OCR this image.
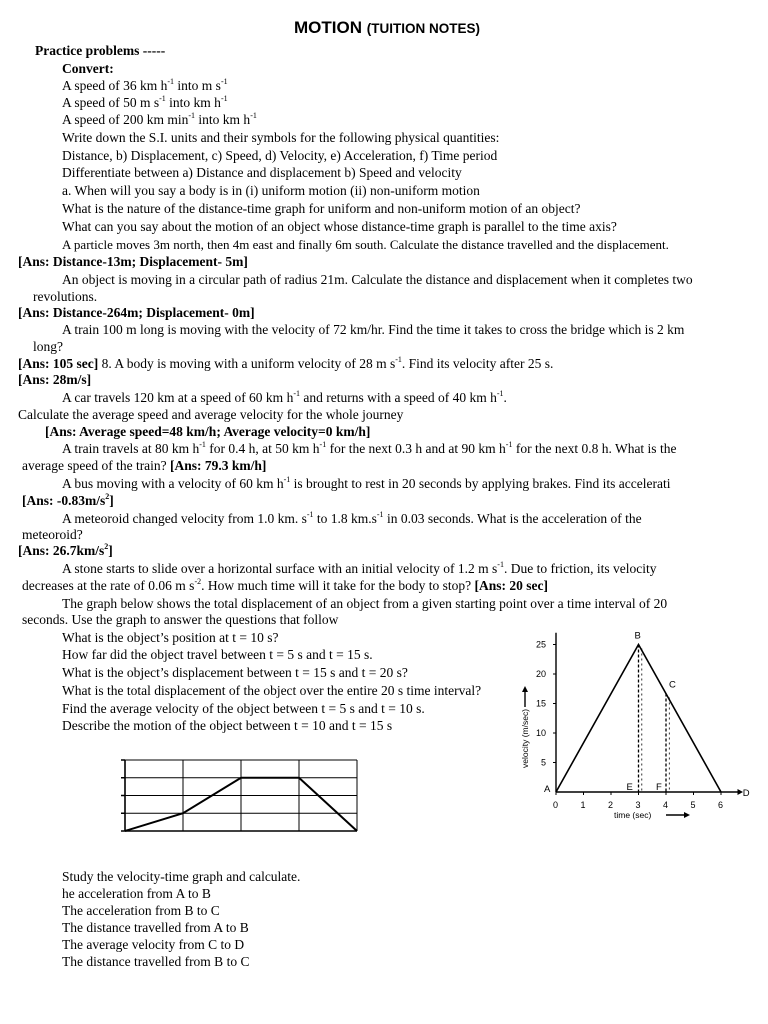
MOTION (TUITION NOTES)
Practice problems -----
Convert:
A speed of 36 km $h^{-1}$ into m $s^{-1}$
A speed of 50 m $s^{-1}$ into km $h^{-1}$
A speed of 200 km $\min^{-1}$ into km $h^{-1}$
Write down the S.I. units and their symbols for the following physical quantities:
Distance, b) Displacement, c) Speed, d) Velocity, e) Acceleration, f) Time period
Differentiate between a) Distance and displacement b) Speed and velocity
a. When will you say a body is in (i) uniform motion (ii) non-uniform motion
What is the nature of the distance-time graph for uniform and non-uniform motion of an object?
What can you say about the motion of an object whose distance-time graph is parallel to the time axis?
A particle moves 3m north, then 4m east and finally 6m south. Calculate the distance travelled and the displacement.
[Ans: Distance-13m; Displacement- 5m]
An object is moving in a circular path of radius 21m. Calculate the distance and displacement when it completes two
revolutions.
[Ans: Distance-264m; Displacement- 0m]
A train 100 m long is moving with the velocity of 72 km/hr. Find the time it takes to cross the bridge which is 2 km
long?
[Ans: 105 sec] 8. A body is moving with a uniform velocity of 28 m $s^{-1}$. Find its velocity after 25 s.
[Ans: 28m/s]
A car travels 120 km at a speed of 60 km $h^{-1}$ and returns with a speed of 40 km $h^{-1}$.
Calculate the average speed and average velocity for the whole journey
[Ans: Average speed=48 km/h; Average velocity=0 km/h]
A train travels at 80 km $h^{-1}$ for 0.4 h, at 50 km $h^{-1}$ for the next 0.3 h and at 90 km $h^{-1}$ for the next 0.8 h. What is the
average speed of the train? [Ans: 79.3 km/h]
A bus moving with a velocity of 60 km $h^{-1}$ is brought to rest in 20 seconds by applying brakes. Find its accelerati
[Ans: $-0.83m/s^2$]
A meteoroid changed velocity from 1.0 km. $s^{-1}$ to 1.8 $km.s^{-1}$ in 0.03 seconds. What is the acceleration of the
meteoroid?
[Ans: $26.7km/s^2$]
A stone starts to slide over a horizontal surface with an initial velocity of 1.2 m $s^{-1}$. Due to friction, its velocity
decreases at the rate of 0.06 m $s^{-2}$. How much time will it take for the body to stop? [Ans: 20 sec]
The graph below shows the total displacement of an object from a given starting point over a time interval of 20
seconds. Use the graph to answer the questions that follow
What is the object’s position at t = 10 s?
How far did the object travel between t = 5 s and t = 15 s.
What is the object’s displacement between t = 15 s and t = 20 s?
What is the total displacement of the object over the entire 20 s time interval?
Find the average velocity of the object between t = 5 s and t = 10 s.
Describe the motion of the object between t = 10 and t = 15 s
Study the velocity-time graph and calculate.
he acceleration from A to B
The acceleration from B to C
The distance travelled from A to B
The average velocity from C to D
The distance travelled from B to C
5
10
15
20
25
0 1 2 3 4 5 6
A
B
C
D
E F
velocity (m/sec)
time (sec)
